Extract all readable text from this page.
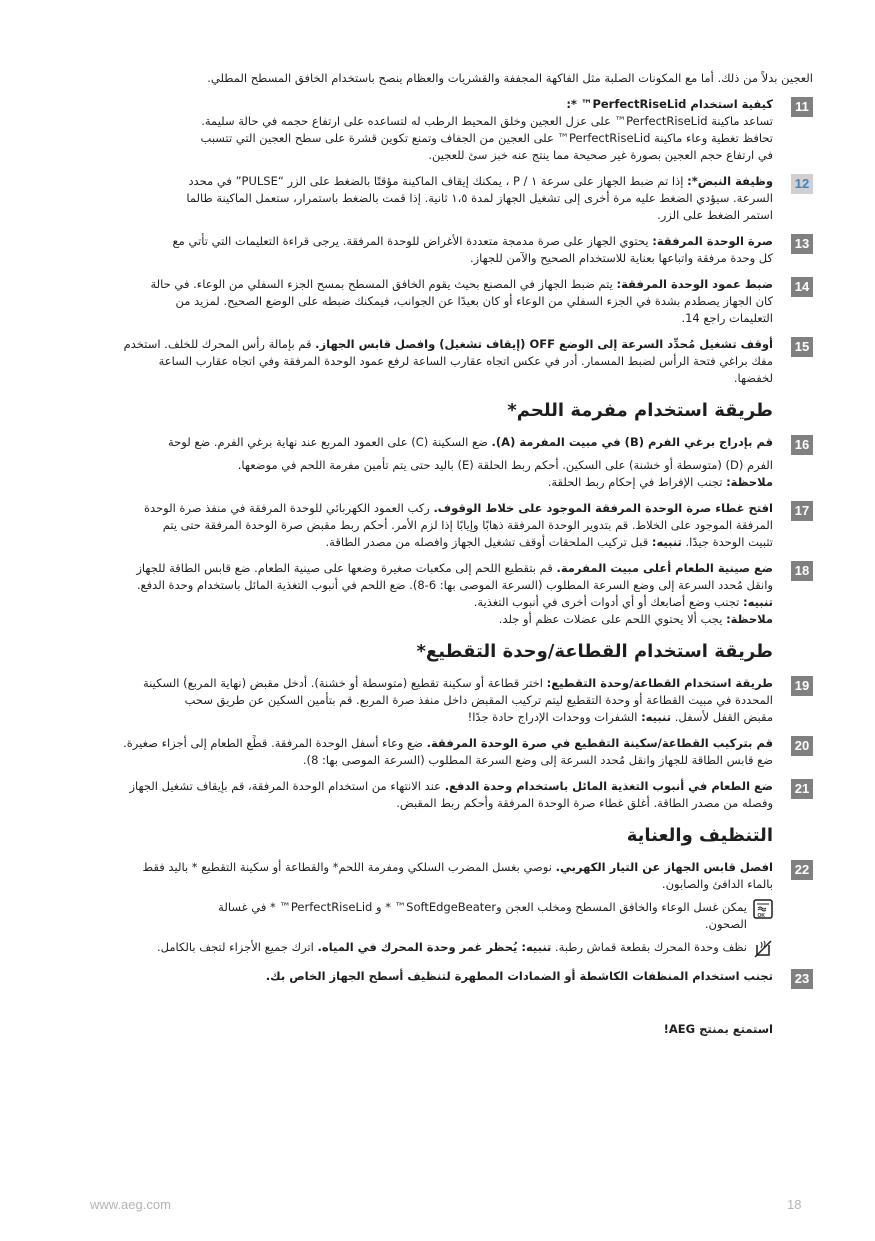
العجين بدلاً من ذلك. أما مع المكونات الصلبة مثل الفاكهة المجففة والقشريات والعظام ينصح باستخدام الخافق المسطح المطلي.
11
كيفية استخدام PerfectRiseLid™ *:
تساعد ماكينة PerfectRiseLid™ على عزل العجين وخلق المحيط الرطب له لتساعده على ارتفاع حجمه في حالة سليمة.
تحافظ تغطية وعاء ماكينة PerfectRiseLid™ على العجين من الجفاف وتمنع تكوين قشرة على سطح العجين التي تتسبب
في ارتفاع حجم العجين بصورة غير صحيحة مما ينتج عنه خبز سئ للعجين.
12
وظيفة النبض*: إذا تم ضبط الجهاز على سرعة ١ / P ، يمكنك إيقاف الماكينة مؤقتًا بالضغط على الزر “PULSE” في محدد
السرعة. سيؤدي الضغط عليه مرة أخرى إلى تشغيل الجهاز لمدة ١،٥ ثانية. إذا قمت بالضغط باستمرار، ستعمل الماكينة طالما
استمر الضغط على الزر.
13
صرة الوحدة المرفقة: يحتوي الجهاز على صرة مدمجة متعددة الأغراض للوحدة المرفقة. يرجى قراءة التعليمات التي تأتي مع
كل وحدة مرفقة واتباعها بعناية للاستخدام الصحيح والآمن للجهاز.
14
ضبط عمود الوحدة المرفقة: يتم ضبط الجهاز في المصنع بحيث يقوم الخافق المسطح بمسح الجزء السفلي من الوعاء. في حالة
كان الجهاز يصطدم بشدة في الجزء السفلي من الوعاء أو كان بعيدًا عن الجوانب، فيمكنك ضبطه على الوضع الصحيح. لمزيد من
التعليمات راجع 14.
15
أوقف تشغيل مُحدِّد السرعة إلى الوضع OFF (إيقاف تشغيل) وافصل قابس الجهاز. قم بإمالة رأس المحرك للخلف. استخدم
مفك براغي فتحة الرأس لضبط المسمار. أدر في عكس اتجاه عقارب الساعة لرفع عمود الوحدة المرفقة وفي اتجاه عقارب الساعة
لخفضها.
طريقة استخدام مفرمة اللحم*
16
قم بإدراج برغي الفرم (B) في مبيت المفرمة (A). ضع السكينة (C) على العمود المربع عند نهاية برغي الفرم. ضع لوحة
الفرم (D) (متوسطة أو خشنة) على السكين. أحكم ربط الحلقة (E) باليد حتى يتم تأمين مفرمة اللحم في موضعها.
ملاحظة: تجنب الإفراط في إحكام ربط الحلقة.
17
افتح غطاء صرة الوحدة المرفقة الموجود على خلاط الوقوف. ركب العمود الكهربائي للوحدة المرفقة في منفذ صرة الوحدة
المرفقة الموجود على الخلاط. قم بتدوير الوحدة المرفقة ذهابًا وإيابًا إذا لزم الأمر. أحكم ربط مقبض صرة الوحدة المرفقة حتى يتم
تثبيت الوحدة جيدًا. تنبيه: قبل تركيب الملحقات أوقف تشغيل الجهاز وافصله من مصدر الطاقة.
18
ضع صينية الطعام أعلى مبيت المفرمة. قم بتقطيع اللحم إلى مكعبات صغيرة وضعها على صينية الطعام. ضع قابس الطاقة للجهاز
وانقل مُحدد السرعة إلى وضع السرعة المطلوب (السرعة الموصى بها: 6-8). ضع اللحم في أنبوب التغذية المائل باستخدام وحدة الدفع.
تنبيه: تجنب وضع أصابعك أو أي أدوات أخرى في أنبوب التغذية.
ملاحظة: يجب ألا يحتوي اللحم على عضلات عظم أو جلد.
طريقة استخدام القطاعة/وحدة التقطيع*
19
طريقة استخدام القطاعة/وحدة التقطيع: اختر قطاعة أو سكينة تقطيع (متوسطة أو خشنة). أدخل مقبض (نهاية المربع) السكينة
المحددة في مبيت القطاعة أو وحدة التقطيع ليتم تركيب المقبض داخل منفذ صرة المربع. قم بتأمين السكين عن طريق سحب
مقبض القفل لأسفل. تنبيه: الشفرات ووحدات الإدراج حادة جدًا!
20
قم بتركيب القطاعة/سكينة التقطيع في صرة الوحدة المرفقة. ضع وعاء أسفل الوحدة المرفقة. قطِّع الطعام إلى أجزاء صغيرة.
ضع قابس الطاقة للجهاز وانقل مُحدد السرعة إلى وضع السرعة المطلوب (السرعة الموصى بها: 8).
21
ضع الطعام في أنبوب التغذية المائل باستخدام وحدة الدفع. عند الانتهاء من استخدام الوحدة المرفقة، قم بإيقاف تشغيل الجهاز
وفصله من مصدر الطاقة. أغلق غطاء صرة الوحدة المرفقة وأحكم ربط المقبض.
التنظيف والعناية
22
افصل قابس الجهاز عن التيار الكهربي. نوصي بغسل المضرب السلكي ومفرمة اللحم* والقطاعة أو سكينة التقطيع * باليد فقط
بالماء الدافئ والصابون.
OK
يمكن غسل الوعاء والخافق المسطح ومخلب العجن وSoftEdgeBeater™ * و PerfectRiseLid™ * في غسالة
الصحون.
نظف وحدة المحرك بقطعة قماش رطبة. تنبيه: يُحظر غمر وحدة المحرك في المياه. اترك جميع الأجزاء لتجف بالكامل.
23
تجنب استخدام المنظفات الكاشطة أو الضمادات المطهرة لتنظيف أسطح الجهاز الخاص بك.
استمتع بمنتج AEG!
www.aeg.com	18
